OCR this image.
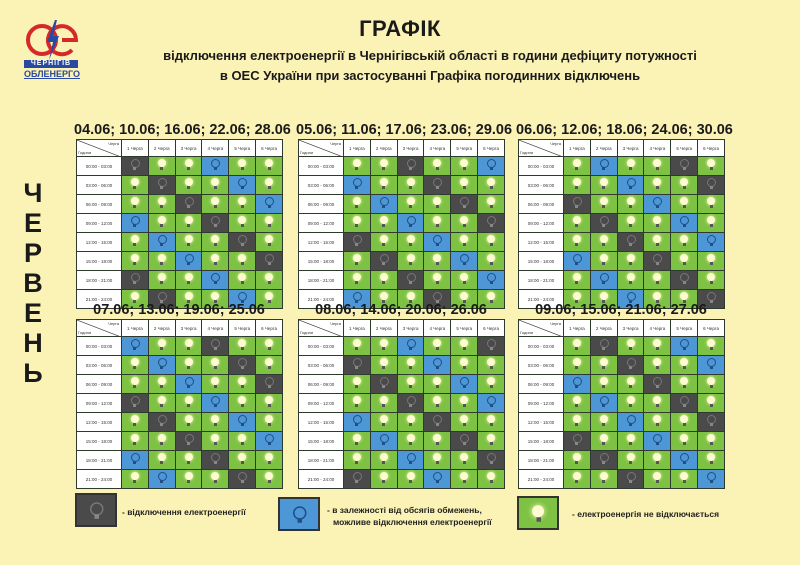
ЧЕРНІГІВ
ОБЛЕНЕРГО
ГРАФІК
відключення електроенергії в Чернігівській області в години дефіциту потужності
в ОЕС України при застосуванні Графіка погодинних відключень
Ч
Е
Р
В
Е
Н
Ь
04.06; 10.06; 16.06; 22.06; 28.06
Черга
Години	1 Черга	2 Черга	3 Черга	4 Черга	5 Черга	6 Черга
00:00 - 03:00	

03:00 - 06:00	

06:00 - 09:00	

09:00 - 12:00	

12:00 - 15:00	

15:00 - 18:00	

18:00 - 21:00	

21:00 - 24:00	

05.06; 11.06; 17.06; 23.06; 29.06
Черга
Години	1 Черга	2 Черга	3 Черга	4 Черга	5 Черга	6 Черга
00:00 - 03:00	

03:00 - 06:00	

06:00 - 09:00	

09:00 - 12:00	

12:00 - 15:00	

15:00 - 18:00	

18:00 - 21:00	

21:00 - 24:00	

06.06; 12.06; 18.06; 24.06; 30.06
Черга
Години	1 Черга	2 Черга	3 Черга	4 Черга	5 Черга	6 Черга
00:00 - 03:00	

03:00 - 06:00	

06:00 - 09:00	

09:00 - 12:00	

12:00 - 15:00	

15:00 - 18:00	

18:00 - 21:00	

21:00 - 24:00	

07.06; 13.06; 19.06; 25.06
Черга
Години	1 Черга	2 Черга	3 Черга	4 Черга	5 Черга	6 Черга
00:00 - 03:00	

03:00 - 06:00	

06:00 - 09:00	

09:00 - 12:00	

12:00 - 15:00	

15:00 - 18:00	

18:00 - 21:00	

21:00 - 24:00	

08.06; 14.06; 20.06; 26.06
Черга
Години	1 Черга	2 Черга	3 Черга	4 Черга	5 Черга	6 Черга
00:00 - 03:00	

03:00 - 06:00	

06:00 - 09:00	

09:00 - 12:00	

12:00 - 15:00	

15:00 - 18:00	

18:00 - 21:00	

21:00 - 24:00	

09.06; 15.06; 21.06; 27.06
Черга
Години	1 Черга	2 Черга	3 Черга	4 Черга	5 Черга	6 Черга
00:00 - 03:00	

03:00 - 06:00	

06:00 - 09:00	

09:00 - 12:00	

12:00 - 15:00	

15:00 - 18:00	

18:00 - 21:00	

21:00 - 24:00	

- відключення електроенергії	- в залежності від обсягів обмежень,
можливе відключення електроенергії
- електроенергія не відключається
